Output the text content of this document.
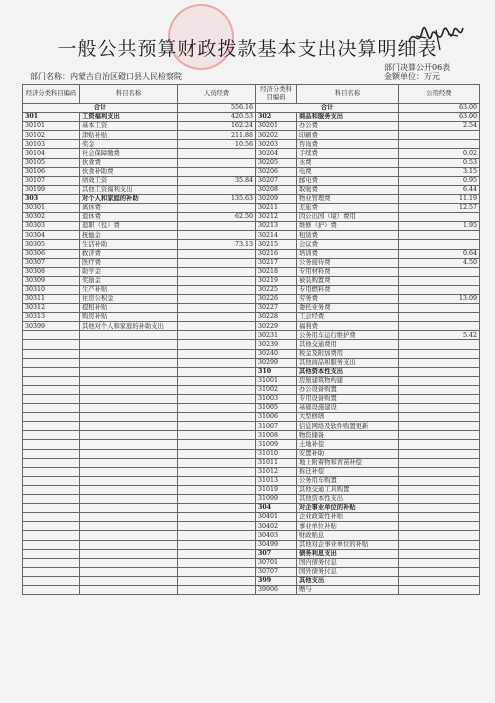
一般公共预算财政拨款基本支出决算明细表
部门决算公开06表
部门名称：内蒙古自治区磴口县人民检察院	金额单位：万元
经济分类科目编码	科目名称	人员经费	经济分类科目编码	科目名称	公用经费
合计		556.16	合计		63.00
301	工资福利支出	420.53	302	商品和服务支出	63.00
30101	基本工资	162.24	30201	办公费	2.54
30102	津贴补贴	211.88	30202	印刷费	
30103	奖金	10.56	30203	咨询费	
30104	社会保障缴费		30204	手续费	0.02
30105	伙食费		30205	水费	0.53
30106	伙食补助费		30206	电费	3.15
30107	绩效工资	35.84	30207	邮电费	0.95
30199	其他工资福利支出		30208	取暖费	6.44
303	对个人和家庭的补助	135.63	30209	物业管理费	11.19
30301	离休费		30211	差旅费	12.57
30302	退休费	62.50	30212	因公出国（境）费用	
30303	退职（役）费		30213	维修（护）费	1.95
30304	抚恤金		30214	租赁费	
30305	生活补助	73.13	30215	会议费	
30306	救济费		30216	培训费	0.64
30307	医疗费		30217	公务接待费	4.50
30308	助学金		30218	专用材料费	
30309	奖励金		30219	被装购置费	
30310	生产补贴		30225	专用燃料费	
30311	住房公积金		30226	劳务费	13.09
30312	提租补贴		30227	委托业务费	
30313	购房补贴		30228	工会经费	
30399	其他对个人和家庭的补助支出		30229	福利费	
			30231	公务用车运行维护费	5.42
			30239	其他交通费用	
			30240	税金及附加费用	
			30299	其他商品和服务支出	
			310	其他资本性支出	
			31001	房屋建筑物构建	
			31002	办公设备购置	
			31003	专用设备购置	
			31005	基础设施建设	
			31006	大型修缮	
			31007	信息网络及软件购置更新	
			31008	物资储备	
			31009	土地补偿	
			31010	安置补助	
			31011	地上附着物和青苗补偿	
			31012	拆迁补偿	
			31013	公务用车购置	
			31019	其他交通工具购置	
			31099	其他资本性支出	
			304	对企事业单位的补贴	
			30401	企业政策性补贴	
			30402	事业单位补贴	
			30403	财政贴息	
			30499	其他对企事业单位的补贴	
			307	债务利息支出	
			30701	国内债务付息	
			30707	国外债务付息	
			399	其他支出	
			39906	赠与	
